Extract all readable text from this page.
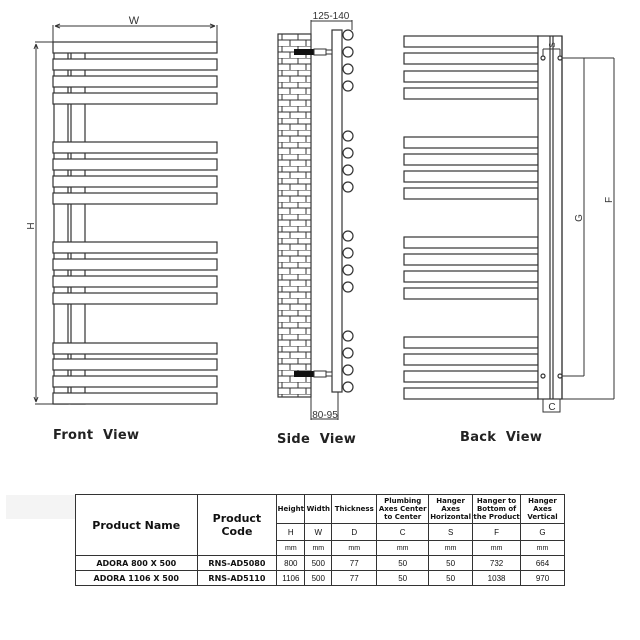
W
H
125-140
80-95
S
G
F
C
Front  View	Side  View	Back  View
Product Name	Product Code	Height	Width	Thickness	Plumbing Axes Center to Center	Hanger Axes Horizontal	Hanger to Bottom of the Product	Hanger Axes Vertical
		H	W	D	C	S	F	G
		mm	mm	mm	mm	mm	mm	mm
ADORA 800 X 500	RNS-AD5080	800	500	77	50	50	732	664
ADORA 1106 X 500	RNS-AD5110	1106	500	77	50	50	1038	970
